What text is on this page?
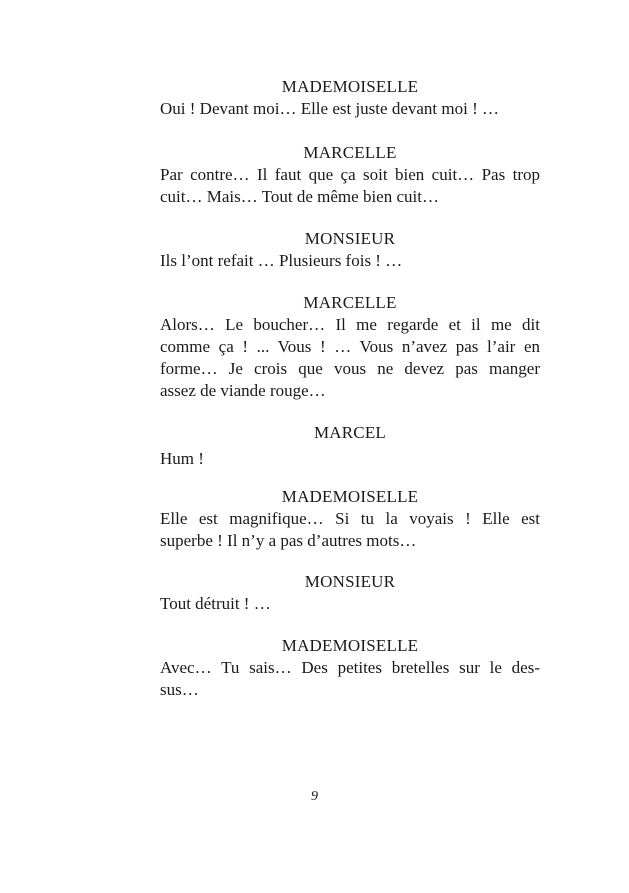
MADEMOISELLE
Oui ! Devant moi… Elle est juste devant moi ! …
MARCELLE
Par contre… Il faut que ça soit bien cuit… Pas trop
cuit… Mais… Tout de même bien cuit…
MONSIEUR
Ils l’ont refait … Plusieurs fois ! …
MARCELLE
Alors… Le boucher… Il me regarde et il me dit
comme ça ! ... Vous ! … Vous n’avez pas l’air en
forme… Je crois que vous ne devez pas manger
assez de viande rouge…
MARCEL
Hum !
MADEMOISELLE
Elle est magnifique… Si tu la voyais ! Elle est
superbe ! Il n’y a pas d’autres mots…
MONSIEUR
Tout détruit ! …
MADEMOISELLE
Avec… Tu sais… Des petites bretelles sur le des-
sus…
9
